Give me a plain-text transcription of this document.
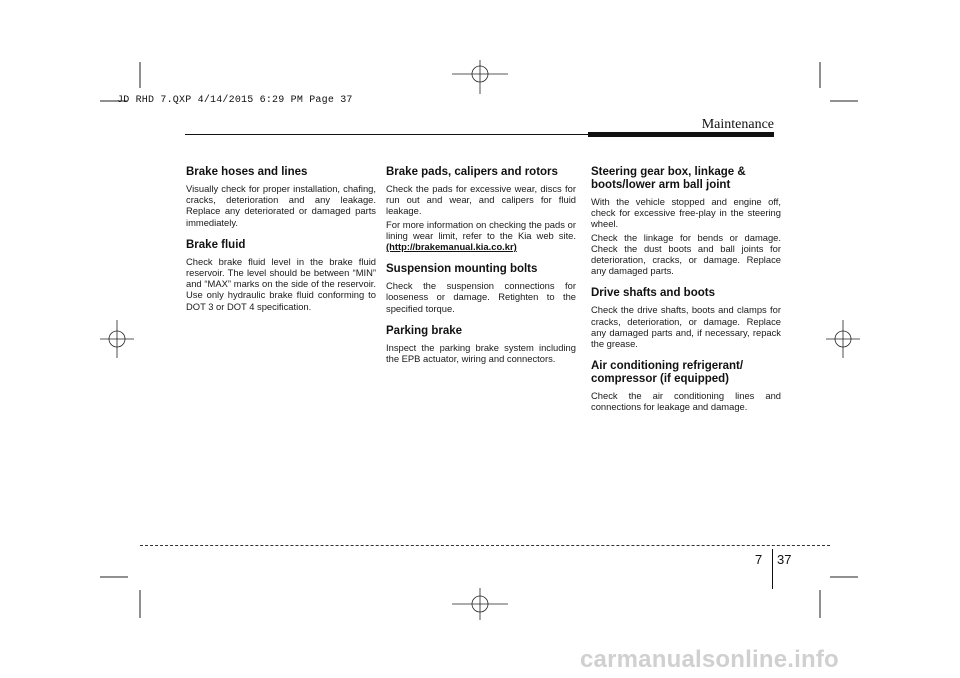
JD RHD 7.QXP 4/14/2015 6:29 PM Page 37
Maintenance
Brake hoses and lines

Visually check for proper installation, chafing, cracks, deterioration and any leakage. Replace any deteriorated or damaged parts immediately.

Brake fluid

Check brake fluid level in the brake fluid reservoir. The level should be between “MIN” and “MAX” marks on the side of the reservoir. Use only hydraulic brake fluid conforming to DOT 3 or DOT 4 specification.

Brake pads, calipers and rotors

Check the pads for excessive wear, discs for run out and wear, and calipers for fluid leakage.

For more information on checking the pads or lining wear limit, refer to the Kia web site. (http://brakemanual.kia.co.kr)

Suspension mounting bolts

Check the suspension connections for looseness or damage. Retighten to the specified torque.

Parking brake

Inspect the parking brake system including the EPB actuator, wiring and connectors.

Steering gear box, linkage & boots/lower arm ball joint

With the vehicle stopped and engine off, check for excessive free-play in the steering wheel.

Check the linkage for bends or damage. Check the dust boots and ball joints for deterioration, cracks, or damage. Replace any damaged parts.

Drive shafts and boots

Check the drive shafts, boots and clamps for cracks, deterioration, or damage. Replace any damaged parts and, if necessary, repack the grease.

Air conditioning refrigerant/ compressor (if equipped)

Check the air conditioning lines and connections for leakage and damage.

7 37
carmanualsonline.info
